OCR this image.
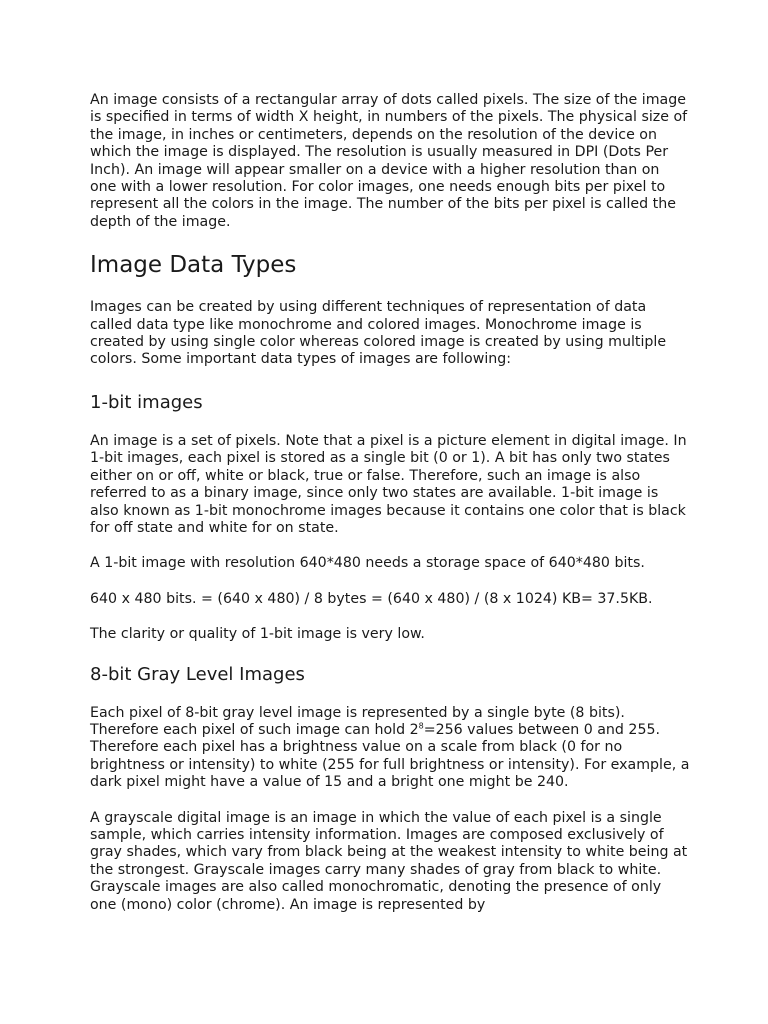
An image consists of a rectangular array of dots called pixels. The size of the image is specified in terms of width X height, in numbers of the pixels. The physical size of the image, in inches or centimeters, depends on the resolution of the device on which the image is displayed. The resolution is usually measured in DPI (Dots Per Inch). An image will appear smaller on a device with a higher resolution than on one with a lower resolution. For color images, one needs enough bits per pixel to represent all the colors in the image. The number of the bits per pixel is called the depth of the image.

Image Data Types

Images can be created by using different techniques of representation of data called data type like monochrome and colored images. Monochrome image is created by using single color whereas colored image is created by using multiple colors. Some important data types of images are following:

1-bit images

An image is a set of pixels. Note that a pixel is a picture element in digital image. In 1-bit images, each pixel is stored as a single bit (0 or 1). A bit has only two states either on or off, white or black, true or false. Therefore, such an image is also referred to as a binary image, since only two states are available. 1-bit image is also known as 1-bit monochrome images because it contains one color that is black for off state and white for on state.

A 1-bit image with resolution 640*480 needs a storage space of 640*480 bits.

640 x 480 bits. = (640 x 480) / 8 bytes = (640 x 480) / (8 x 1024) KB= 37.5KB.

The clarity or quality of 1-bit image is very low.

8-bit Gray Level Images

Each pixel of 8-bit gray level image is represented by a single byte (8 bits). Therefore each pixel of such image can hold $2^8=256$ values between 0 and 255. Therefore each pixel has a brightness value on a scale from black (0 for no brightness or intensity) to white (255 for full brightness or intensity). For example, a dark pixel might have a value of 15 and a bright one might be 240.

A grayscale digital image is an image in which the value of each pixel is a single sample, which carries intensity information. Images are composed exclusively of gray shades, which vary from black being at the weakest intensity to white being at the strongest. Grayscale images carry many shades of gray from black to white. Grayscale images are also called monochromatic, denoting the presence of only one (mono) color (chrome). An image is represented by
